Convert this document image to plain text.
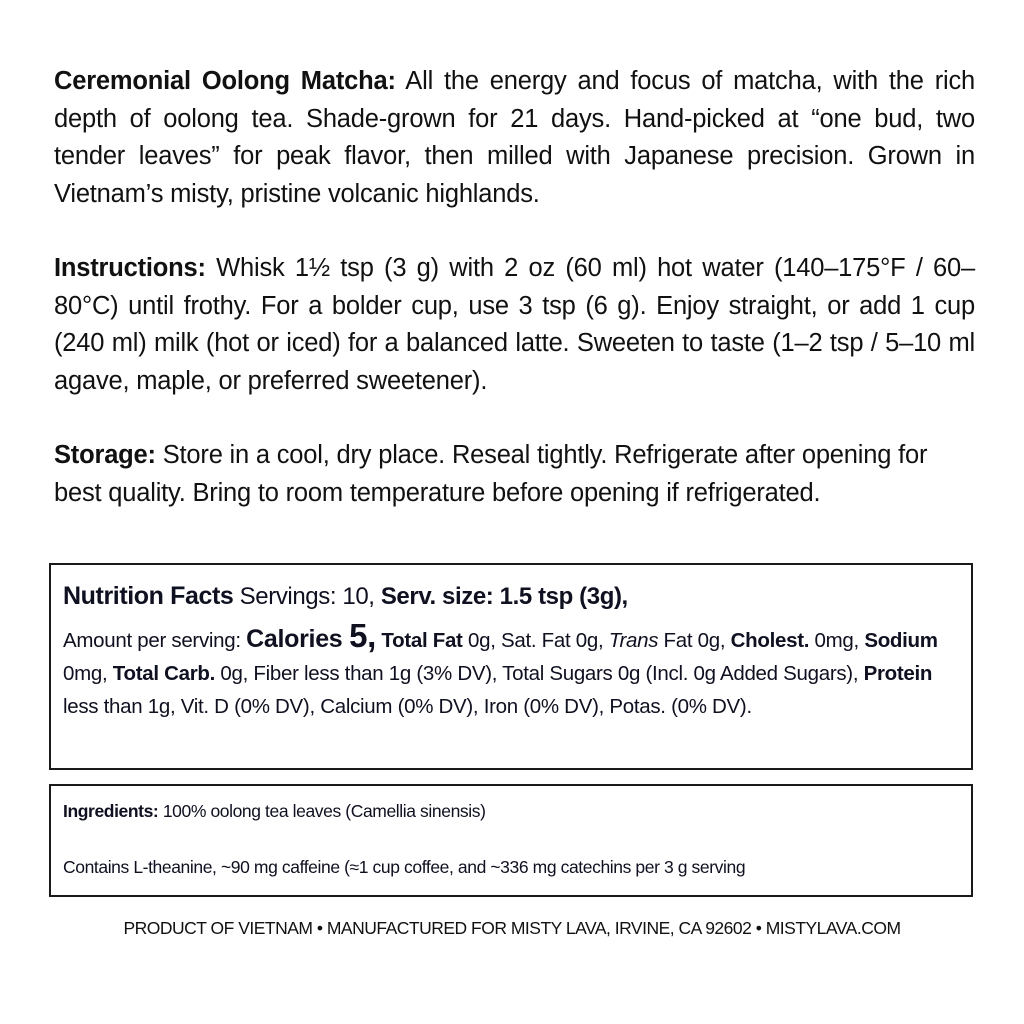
Ceremonial Oolong Matcha: All the energy and focus of matcha, with the rich depth of oolong tea. Shade-grown for 21 days. Hand-picked at “one bud, two tender leaves” for peak flavor, then milled with Japanese precision. Grown in Vietnam’s misty, pristine volcanic highlands.

Instructions: Whisk 1½ tsp (3 g) with 2 oz (60 ml) hot water (140–175°F / 60–80°C) until frothy. For a bolder cup, use 3 tsp (6 g). Enjoy straight, or add 1 cup (240 ml) milk (hot or iced) for a balanced latte. Sweeten to taste (1–2 tsp / 5–10 ml agave, maple, or preferred sweetener).

Storage: Store in a cool, dry place. Reseal tightly. Refrigerate after opening for best quality. Bring to room temperature before opening if refrigerated.

Nutrition Facts Servings: 10, Serv. size: 1.5 tsp (3g),
Amount per serving: Calories 5, Total Fat 0g, Sat. Fat 0g, Trans Fat 0g, Cholest. 0mg, Sodium 0mg, Total Carb. 0g, Fiber less than 1g (3% DV), Total Sugars 0g (Incl. 0g Added Sugars), Protein less than 1g, Vit. D (0% DV), Calcium (0% DV), Iron (0% DV), Potas. (0% DV).
Ingredients: 100% oolong tea leaves (Camellia sinensis)
Contains L-theanine, ~90 mg caffeine (≈1 cup coffee, and ~336 mg catechins per 3 g serving
PRODUCT OF VIETNAM • MANUFACTURED FOR MISTY LAVA, IRVINE, CA 92602 • MISTYLAVA.COM
